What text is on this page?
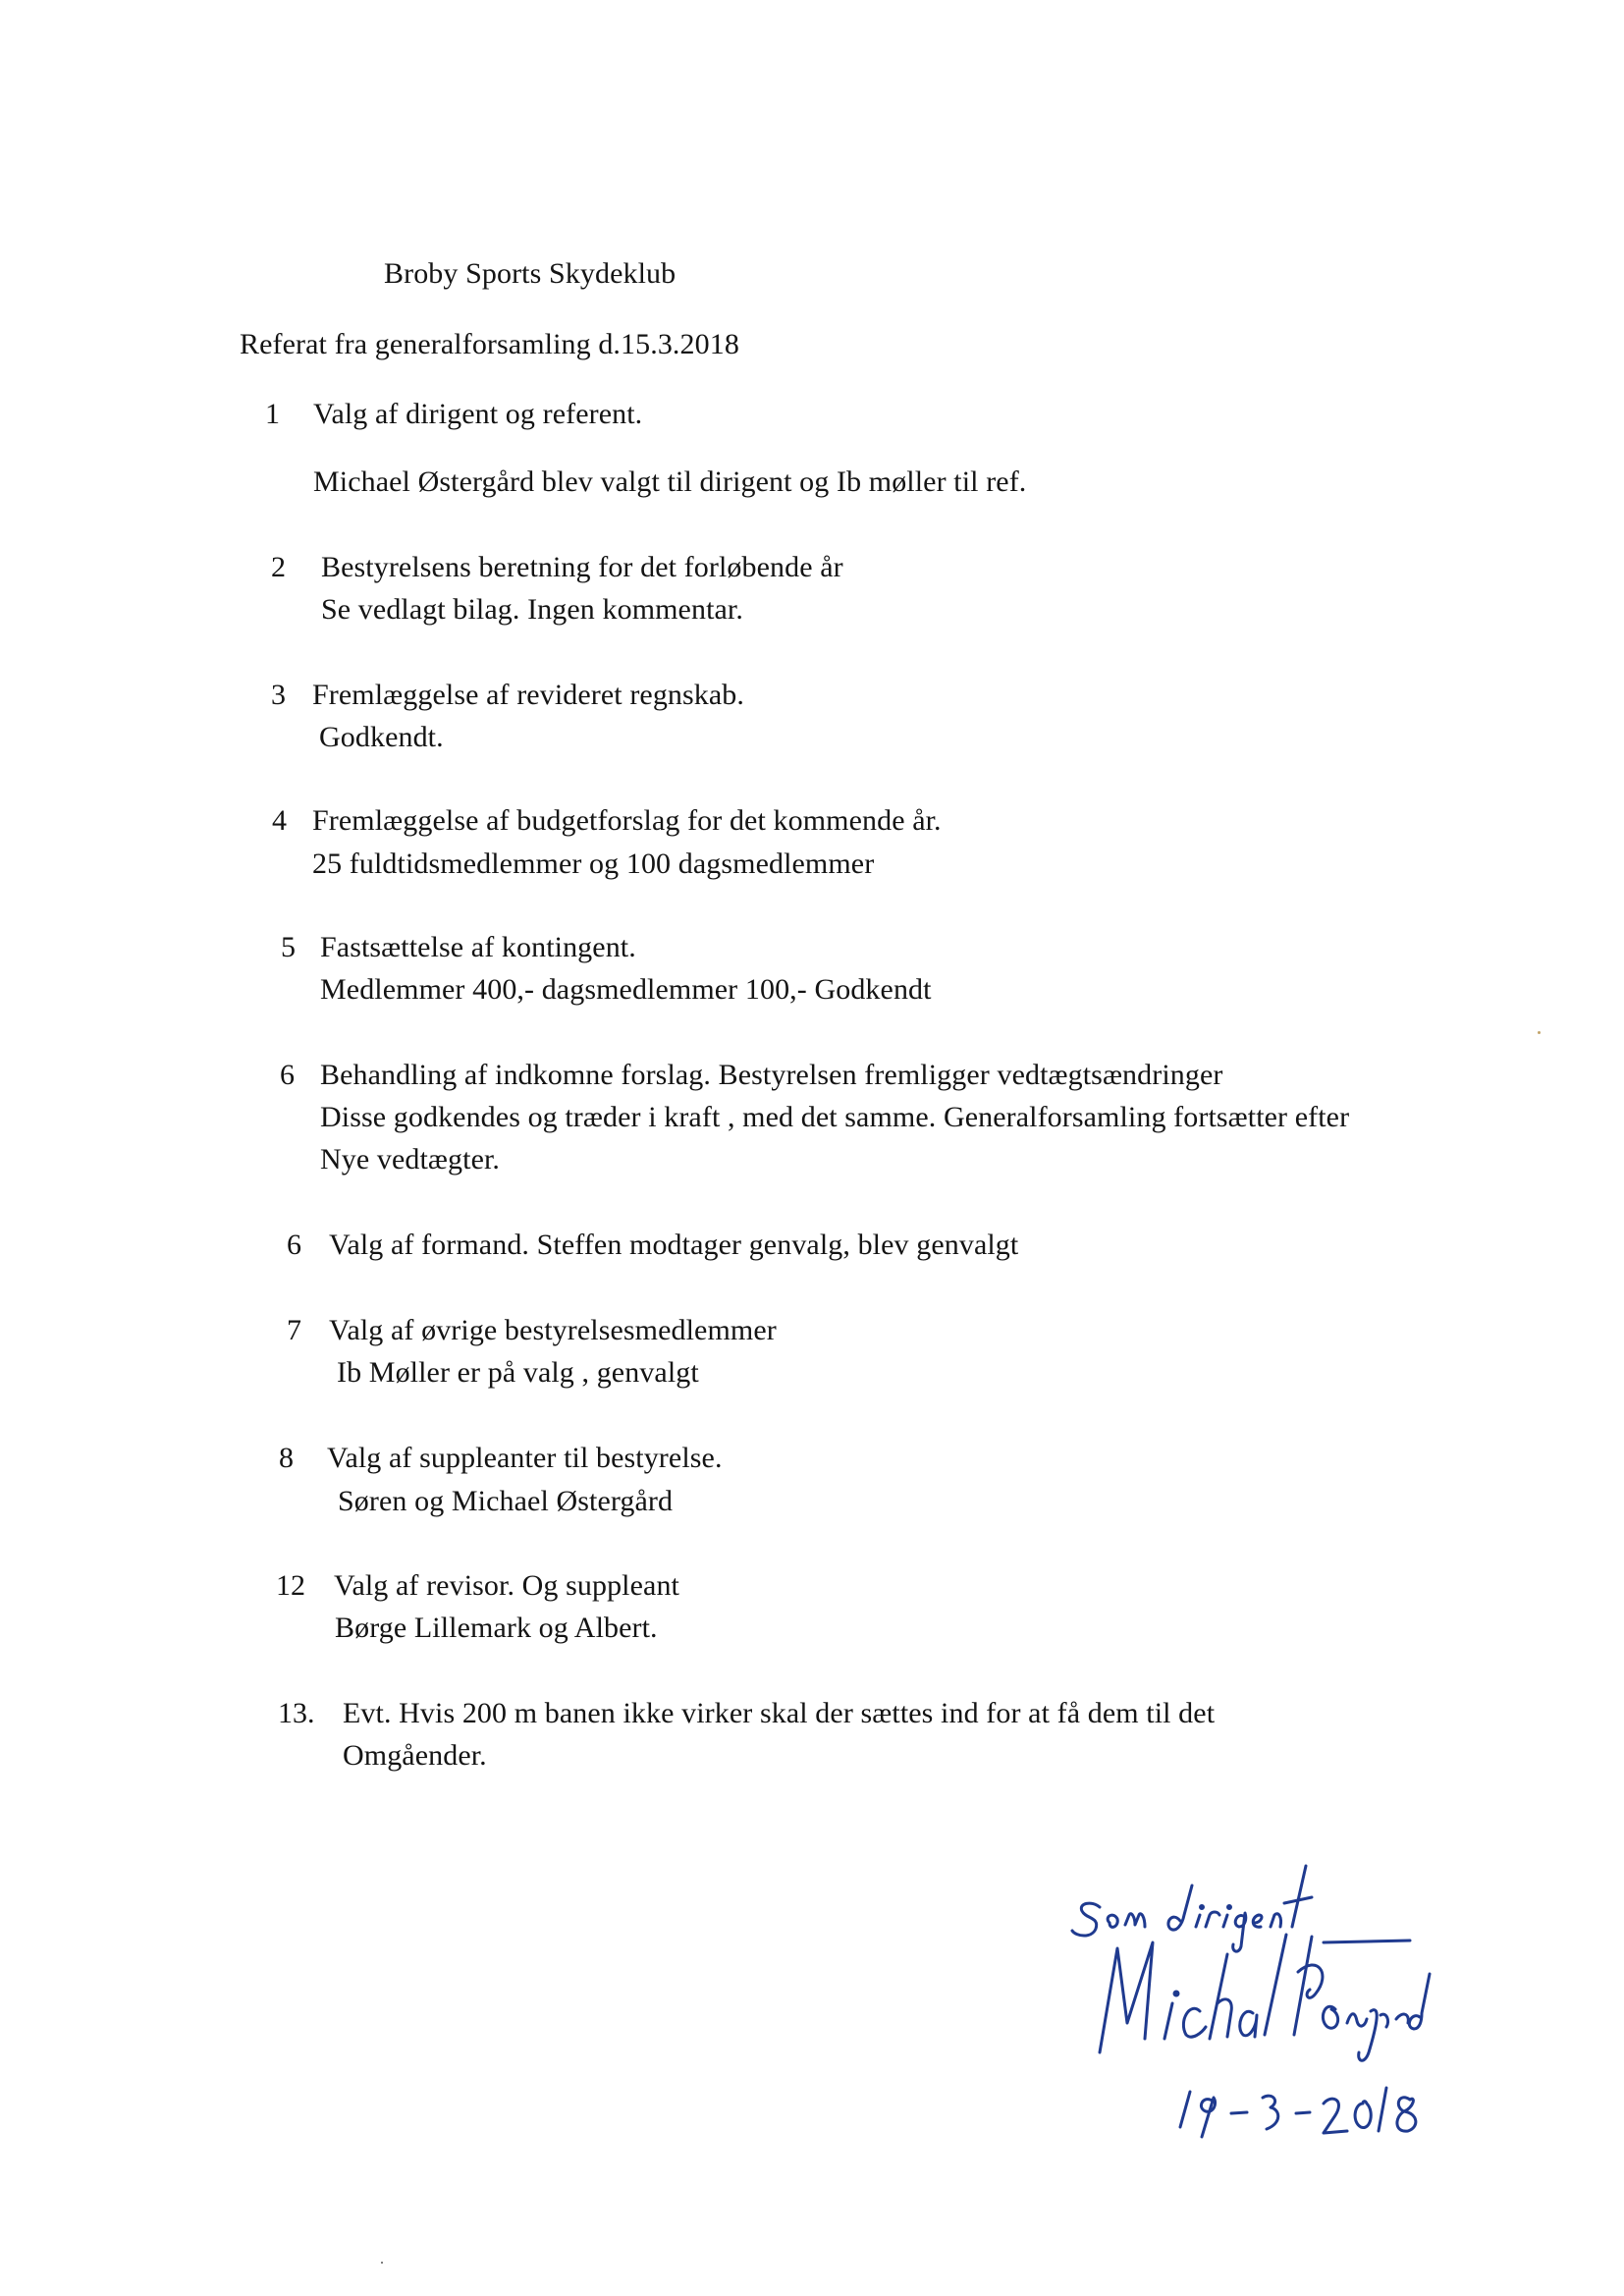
Broby Sports Skydeklub
Referat fra generalforsamling d.15.3.2018
1 Valg af dirigent og referent.
Michael Østergård blev valgt til dirigent og Ib møller til ref.
2 Bestyrelsens beretning for det forløbende år
Se vedlagt bilag. Ingen kommentar.
3 Fremlæggelse af revideret regnskab.
Godkendt.
4 Fremlæggelse af budgetforslag for det kommende år.
25 fuldtidsmedlemmer og 100 dagsmedlemmer
5 Fastsættelse af kontingent.
Medlemmer 400,- dagsmedlemmer 100,- Godkendt
6 Behandling af indkomne forslag. Bestyrelsen fremligger vedtægtsændringer
Disse godkendes og træder i kraft , med det samme. Generalforsamling fortsætter efter
Nye vedtægter.
6 Valg af formand. Steffen modtager genvalg, blev genvalgt
7 Valg af øvrige bestyrelsesmedlemmer
Ib Møller er på valg , genvalgt
8 Valg af suppleanter til bestyrelse.
Søren og Michael Østergård
12 Valg af revisor. Og suppleant
Børge Lillemark og Albert.
13. Evt. Hvis 200 m banen ikke virker skal der sættes ind for at få dem til det
Omgåender.
